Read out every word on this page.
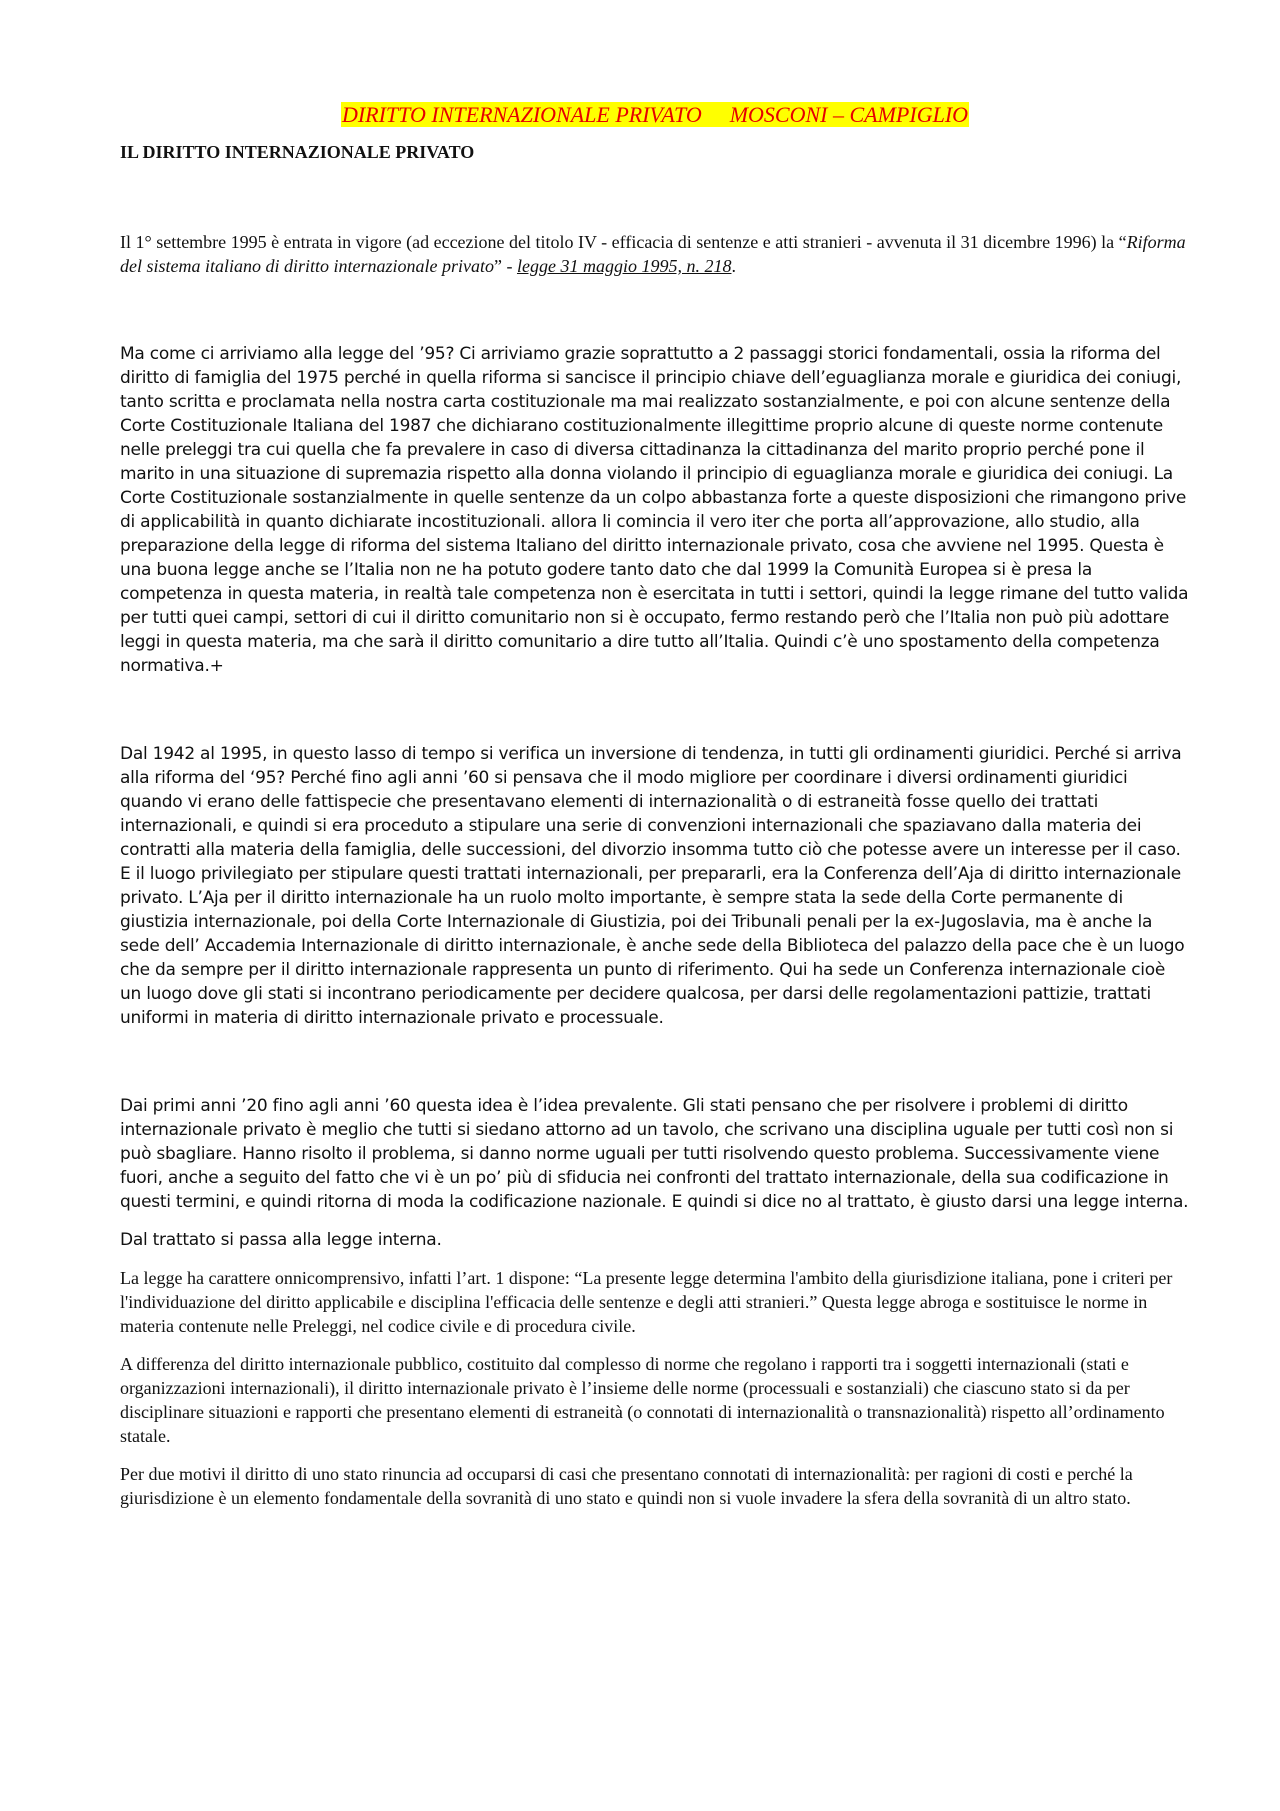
DIRITTO INTERNAZIONALE PRIVATO MOSCONI – CAMPIGLIO
IL DIRITTO INTERNAZIONALE PRIVATO

Il 1° settembre 1995 è entrata in vigore (ad eccezione del titolo IV - efficacia di sentenze e atti stranieri - avvenuta il 31 dicembre 1996) la “Riforma del sistema italiano di diritto internazionale privato” - legge 31 maggio 1995, n. 218.

Ma come ci arriviamo alla legge del ’95? Ci arriviamo grazie soprattutto a 2 passaggi storici fondamentali, ossia la riforma del diritto di famiglia del 1975 perché in quella riforma si sancisce il principio chiave dell’eguaglianza morale e giuridica dei coniugi, tanto scritta e proclamata nella nostra carta costituzionale ma mai realizzato sostanzialmente, e poi con alcune sentenze della Corte Costituzionale Italiana del 1987 che dichiarano costituzionalmente illegittime proprio alcune di queste norme contenute nelle preleggi tra cui quella che fa prevalere in caso di diversa cittadinanza la cittadinanza del marito proprio perché pone il marito in una situazione di supremazia rispetto alla donna violando il principio di eguaglianza morale e giuridica dei coniugi. La Corte Costituzionale sostanzialmente in quelle sentenze da un colpo abbastanza forte a queste disposizioni che rimangono prive di applicabilità in quanto dichiarate incostituzionali. allora li comincia il vero iter che porta all’approvazione, allo studio, alla preparazione della legge di riforma del sistema Italiano del diritto internazionale privato, cosa che avviene nel 1995. Questa è una buona legge anche se l’Italia non ne ha potuto godere tanto dato che dal 1999 la Comunità Europea si è presa la competenza in questa materia, in realtà tale competenza non è esercitata in tutti i settori, quindi la legge rimane del tutto valida per tutti quei campi, settori di cui il diritto comunitario non si è occupato, fermo restando però che l’Italia non può più adottare leggi in questa materia, ma che sarà il diritto comunitario a dire tutto all’Italia. Quindi c’è uno spostamento della competenza normativa.+

Dal 1942 al 1995, in questo lasso di tempo si verifica un inversione di tendenza, in tutti gli ordinamenti giuridici. Perché si arriva alla riforma del ‘95? Perché fino agli anni ’60 si pensava che il modo migliore per coordinare i diversi ordinamenti giuridici quando vi erano delle fattispecie che presentavano elementi di internazionalità o di estraneità fosse quello dei trattati internazionali, e quindi si era proceduto a stipulare una serie di convenzioni internazionali che spaziavano dalla materia dei contratti alla materia della famiglia, delle successioni, del divorzio insomma tutto ciò che potesse avere un interesse per il caso. E il luogo privilegiato per stipulare questi trattati internazionali, per prepararli, era la Conferenza dell’Aja di diritto internazionale privato. L’Aja per il diritto internazionale ha un ruolo molto importante, è sempre stata la sede della Corte permanente di giustizia internazionale, poi della Corte Internazionale di Giustizia, poi dei Tribunali penali per la ex-Jugoslavia, ma è anche la sede dell’ Accademia Internazionale di diritto internazionale, è anche sede della Biblioteca del palazzo della pace che è un luogo che da sempre per il diritto internazionale rappresenta un punto di riferimento. Qui ha sede un Conferenza internazionale cioè un luogo dove gli stati si incontrano periodicamente per decidere qualcosa, per darsi delle regolamentazioni pattizie, trattati uniformi in materia di diritto internazionale privato e processuale.

Dai primi anni ’20 fino agli anni ’60 questa idea è l’idea prevalente. Gli stati pensano che per risolvere i problemi di diritto internazionale privato è meglio che tutti si siedano attorno ad un tavolo, che scrivano una disciplina uguale per tutti così non si può sbagliare. Hanno risolto il problema, si danno norme uguali per tutti risolvendo questo problema. Successivamente viene fuori, anche a seguito del fatto che vi è un po’ più di sfiducia nei confronti del trattato internazionale, della sua codificazione in questi termini, e quindi ritorna di moda la codificazione nazionale. E quindi si dice no al trattato, è giusto darsi una legge interna.

Dal trattato si passa alla legge interna.

La legge ha carattere onnicomprensivo, infatti l’art. 1 dispone: “La presente legge determina l'ambito della giurisdizione italiana, pone i criteri per l'individuazione del diritto applicabile e disciplina l'efficacia delle sentenze e degli atti stranieri.” Questa legge abroga e sostituisce le norme in materia contenute nelle Preleggi, nel codice civile e di procedura civile.

A differenza del diritto internazionale pubblico, costituito dal complesso di norme che regolano i rapporti tra i soggetti internazionali (stati e organizzazioni internazionali), il diritto internazionale privato è l’insieme delle norme (processuali e sostanziali) che ciascuno stato si da per disciplinare situazioni e rapporti che presentano elementi di estraneità (o connotati di internazionalità o transnazionalità) rispetto all’ordinamento statale.

Per due motivi il diritto di uno stato rinuncia ad occuparsi di casi che presentano connotati di internazionalità: per ragioni di costi e perché la giurisdizione è un elemento fondamentale della sovranità di uno stato e quindi non si vuole invadere la sfera della sovranità di un altro stato.
